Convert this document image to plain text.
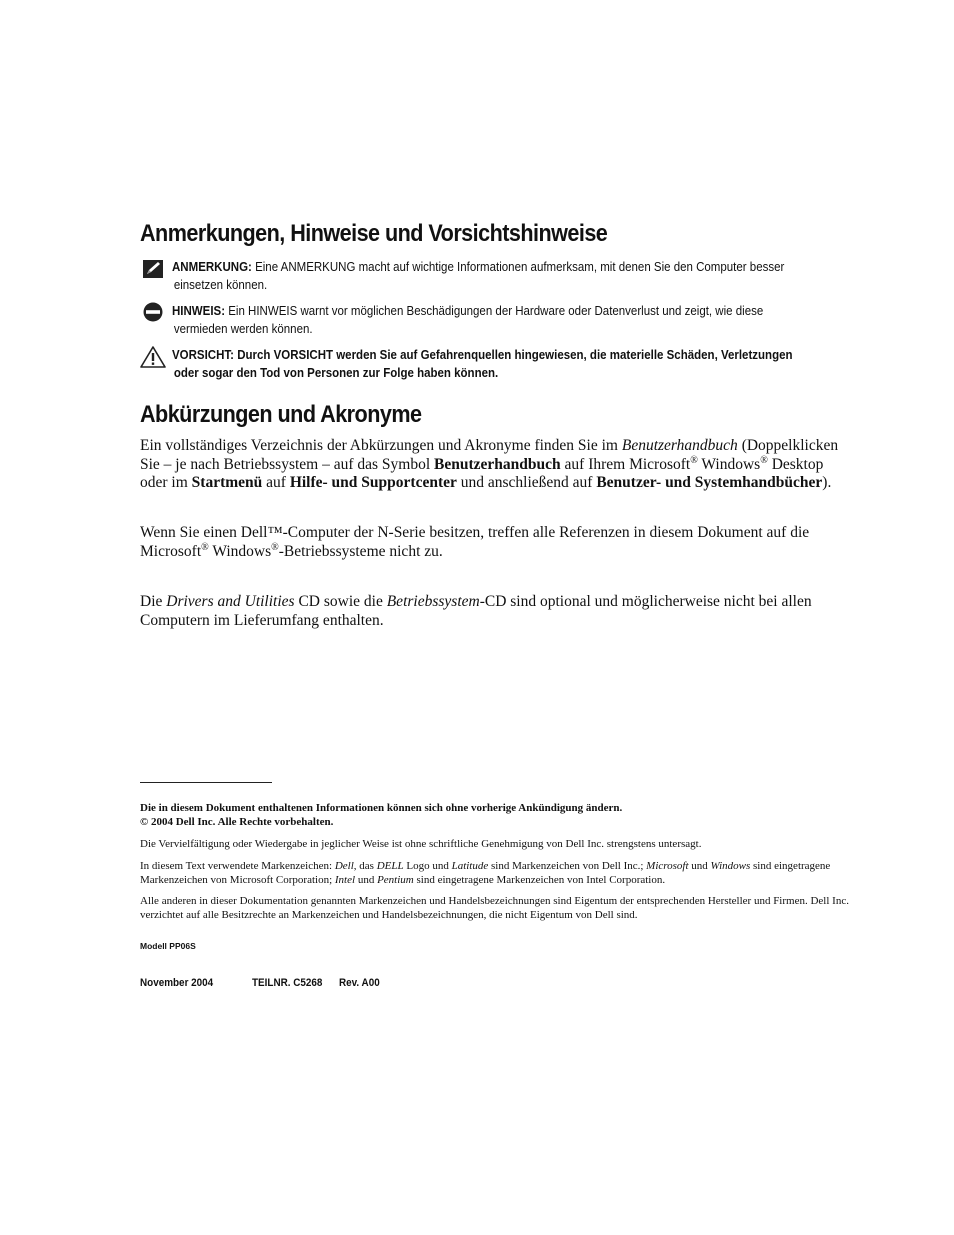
Anmerkungen, Hinweise und Vorsichtshinweise
ANMERKUNG: Eine ANMERKUNG macht auf wichtige Informationen aufmerksam, mit denen Sie den Computer besser
einsetzen können.
HINWEIS: Ein HINWEIS warnt vor möglichen Beschädigungen der Hardware oder Datenverlust und zeigt, wie diese
vermieden werden können.
VORSICHT: Durch VORSICHT werden Sie auf Gefahrenquellen hingewiesen, die materielle Schäden, Verletzungen
oder sogar den Tod von Personen zur Folge haben können.
Abkürzungen und Akronyme
Ein vollständiges Verzeichnis der Abkürzungen und Akronyme finden Sie im Benutzerhandbuch (Doppelklicken Sie – je nach Betriebssystem – auf das Symbol Benutzerhandbuch auf Ihrem Microsoft® Windows® Desktop oder im Startmenü auf Hilfe- und Supportcenter und anschließend auf Benutzer- und Systemhandbücher).
Wenn Sie einen Dell™-Computer der N-Serie besitzen, treffen alle Referenzen in diesem Dokument auf die Microsoft® Windows®-Betriebssysteme nicht zu.
Die Drivers and Utilities CD sowie die Betriebssystem-CD sind optional und möglicherweise nicht bei allen Computern im Lieferumfang enthalten.
Die in diesem Dokument enthaltenen Informationen können sich ohne vorherige Ankündigung ändern.
© 2004 Dell Inc. Alle Rechte vorbehalten.
Die Vervielfältigung oder Wiedergabe in jeglicher Weise ist ohne schriftliche Genehmigung von Dell Inc. strengstens untersagt.
In diesem Text verwendete Markenzeichen: Dell, das DELL Logo und Latitude sind Markenzeichen von Dell Inc.; Microsoft und Windows sind eingetragene Markenzeichen von Microsoft Corporation; Intel und Pentium sind eingetragene Markenzeichen von Intel Corporation.
Alle anderen in dieser Dokumentation genannten Markenzeichen und Handelsbezeichnungen sind Eigentum der entsprechenden Hersteller und Firmen. Dell Inc. verzichtet auf alle Besitzrechte an Markenzeichen und Handelsbezeichnungen, die nicht Eigentum von Dell sind.
Modell PP06S
November 2004	TEILNR. C5268 Rev. A00
